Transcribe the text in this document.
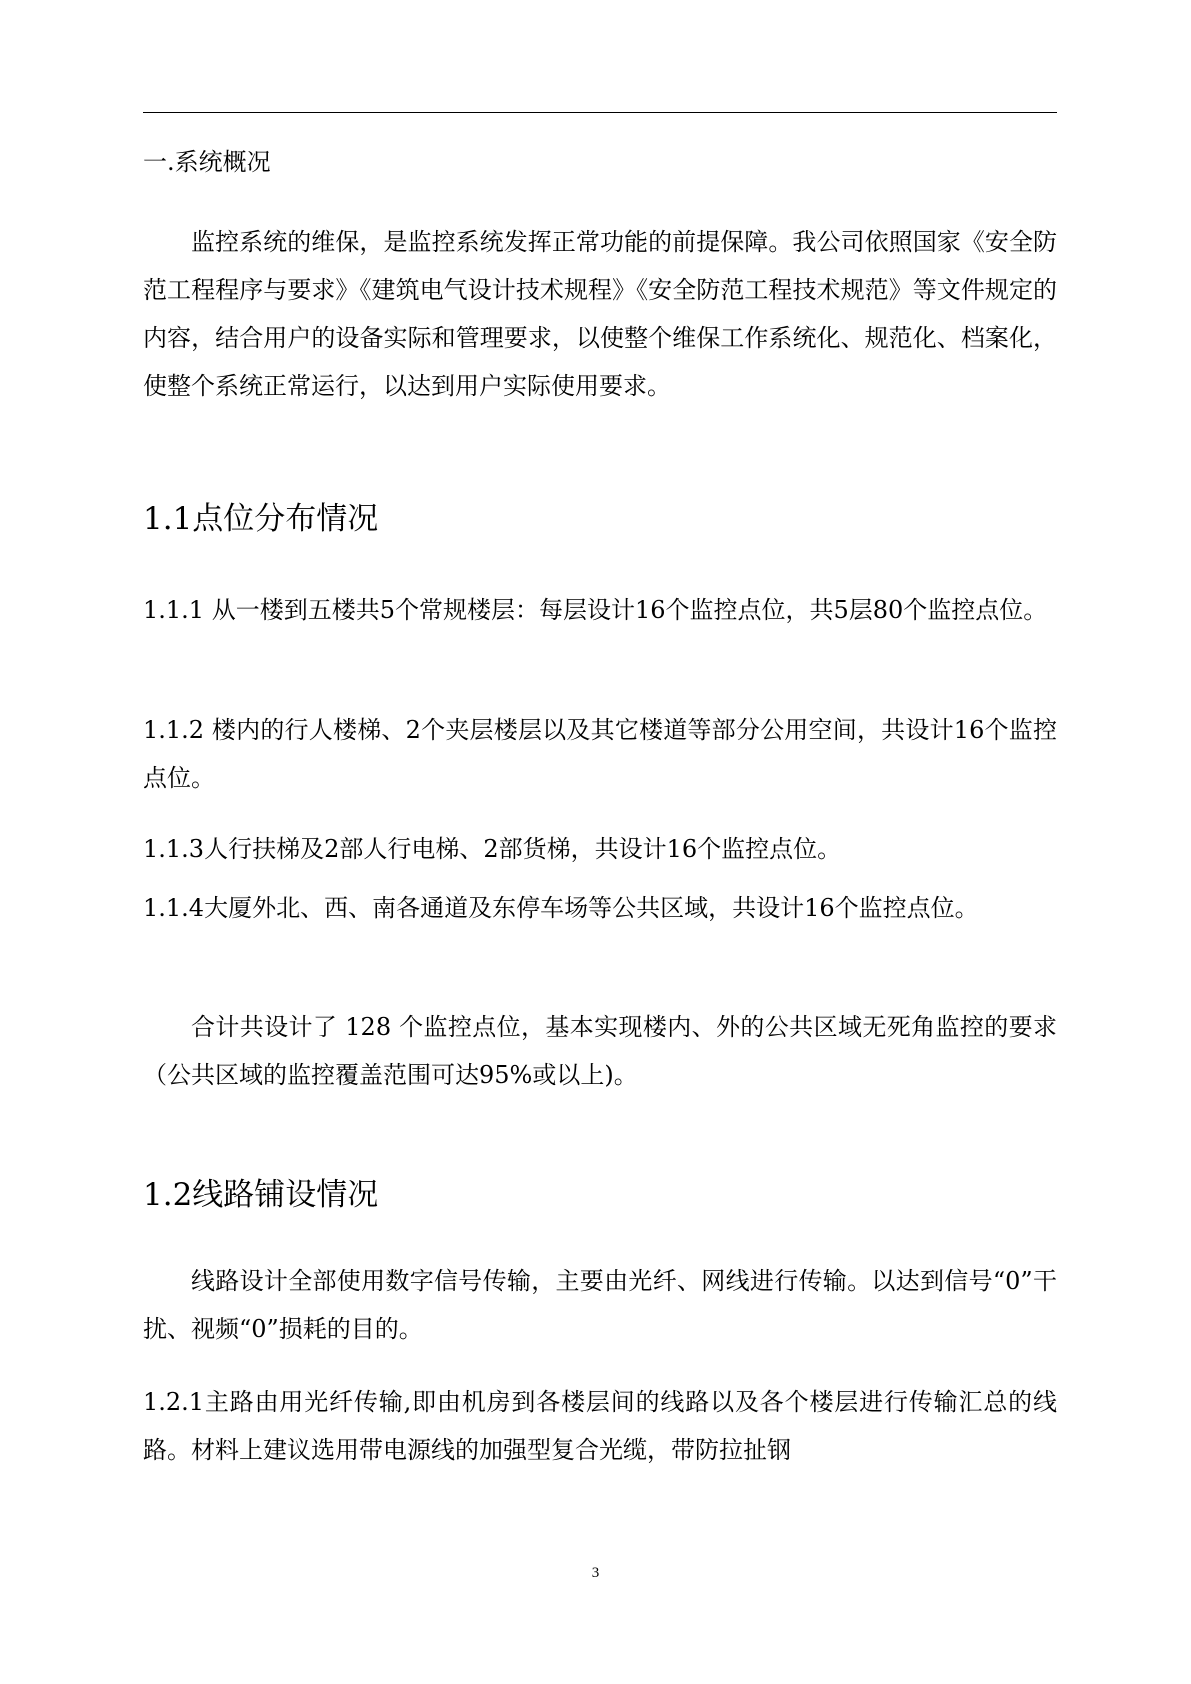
一.系统概况

监控系统的维保，是监控系统发挥正常功能的前提保障。我公司依照国家《安全防范工程程序与要求》《建筑电气设计技术规程》《安全防范工程技术规范》等文件规定的内容，结合用户的设备实际和管理要求，以使整个维保工作系统化、规范化、档案化，使整个系统正常运行，以达到用户实际使用要求。

1.1点位分布情况

1.1.1 从一楼到五楼共5个常规楼层：每层设计16个监控点位，共5层80个监控点位。

1.1.2 楼内的行人楼梯、2个夹层楼层以及其它楼道等部分公用空间，共设计16个监控点位。

1.1.3人行扶梯及2部人行电梯、2部货梯，共设计16个监控点位。

1.1.4大厦外北、西、南各通道及东停车场等公共区域，共设计16个监控点位。

合计共设计了 128 个监控点位，基本实现楼内、外的公共区域无死角监控的要求（公共区域的监控覆盖范围可达95%或以上)。

1.2线路铺设情况

线路设计全部使用数字信号传输，主要由光纤、网线进行传输。以达到信号“0”干扰、视频“0”损耗的目的。

1.2.1主路由用光纤传输,即由机房到各楼层间的线路以及各个楼层进行传输汇总的线路。材料上建议选用带电源线的加强型复合光缆，带防拉扯钢

3
